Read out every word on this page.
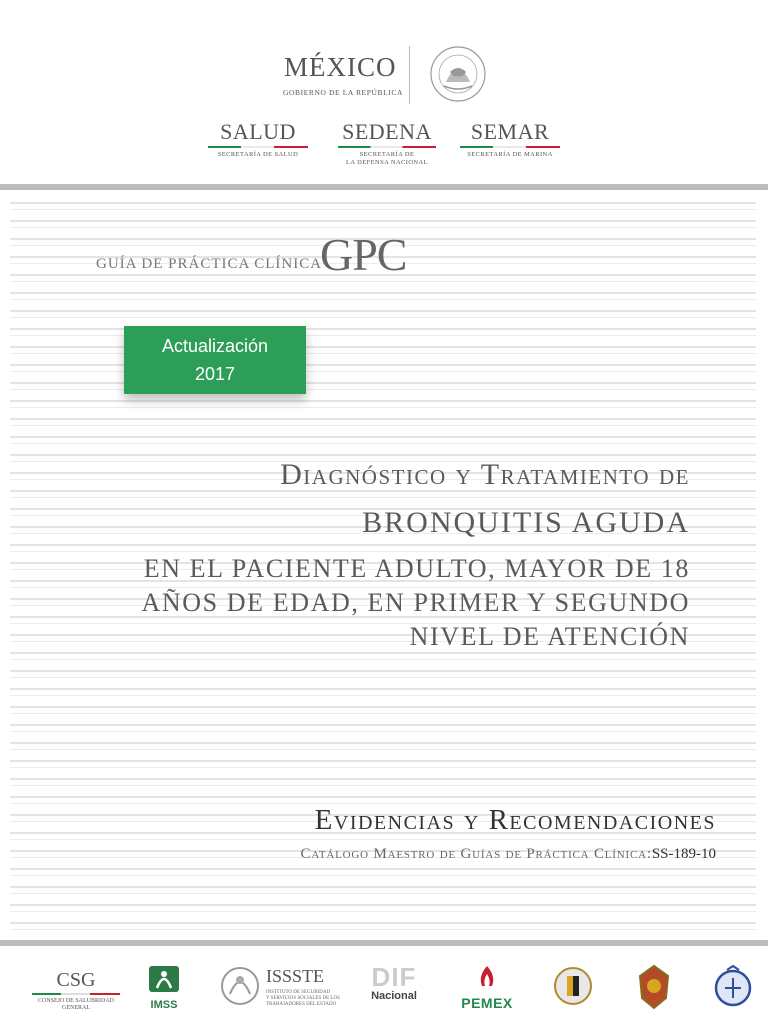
MÉXICO
GOBIERNO DE LA REPÚBLICA
SALUD
SECRETARÍA DE SALUD
SEDENA
SECRETARÍA DE
LA DEFENSA NACIONAL
SEMAR
SECRETARÍA DE MARINA
GUÍA DE PRÁCTICA CLÍNICA
GPC
Actualización
2017
Diagnóstico y Tratamiento de
BRONQUITIS AGUDA
EN EL PACIENTE ADULTO, MAYOR DE 18
AÑOS DE EDAD, EN PRIMER Y SEGUNDO
NIVEL DE ATENCIÓN
Evidencias y Recomendaciones
Catálogo Maestro de Guías de Práctica Clínica:SS-189-10
CSG
CONSEJO DE SALUBRIDAD
GENERAL	IMSS
ISSSTE
INSTITUTO DE SEGURIDAD
Y SERVICIOS SOCIALES DE LOS
TRABAJADORES DEL ESTADO
DIF
Nacional	PEMEX
